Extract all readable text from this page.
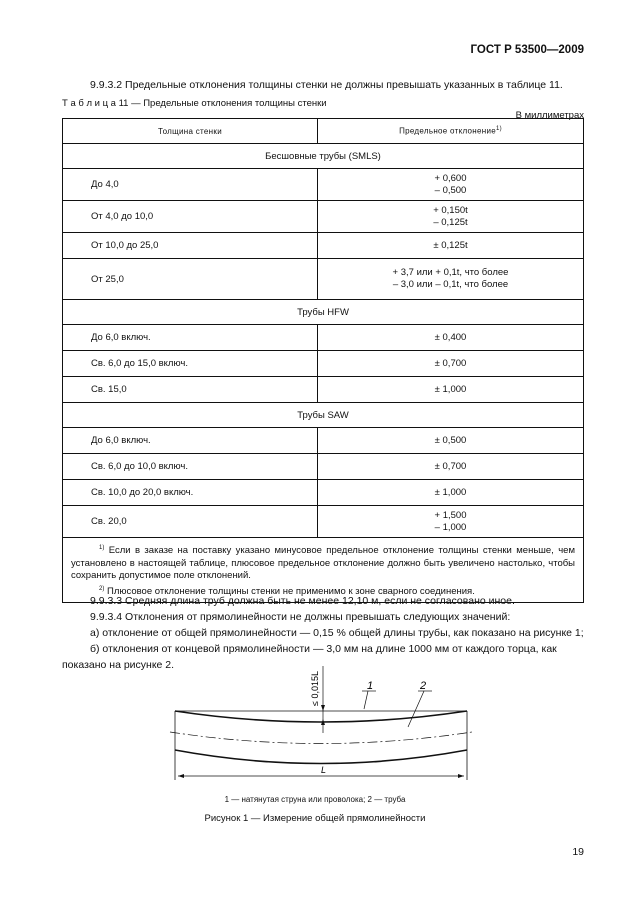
ГОСТ Р 53500—2009
9.9.3.2 Предельные отклонения толщины стенки не должны превышать указанных в таблице 11.
Т а б л и ц а 11 — Предельные отклонения толщины стенки
В миллиметрах
Толщина стенки	Предельное отклонение$^{1)}$
Бесшовные трубы (SMLS)	
До 4,0	+ 0,600
– 0,500

От 4,0 до 10,0	+ 0,150t
– 0,125t

От 10,0 до 25,0	± 0,125t

От 25,0	+ 3,7 или + 0,1t, что более
– 3,0 или – 0,1t, что более

Трубы HFW	
До 6,0 включ.	± 0,400

Св. 6,0 до 15,0 включ.	± 0,700

Св. 15,0	± 1,000

Трубы SAW	
До 6,0 включ.	± 0,500

Св. 6,0 до 10,0 включ.	± 0,700

Св. 10,0 до 20,0 включ.	± 1,000

Св. 20,0	+ 1,500
– 1,000

$^{1)}$ Если в заказе на поставку указано минусовое предельное отклонение толщины стенки меньше, чем установлено в настоящей таблице, плюсовое предельное отклонение должно быть увеличено настолько, чтобы сохранить допустимое поле отклонений.
$^{2)}$ Плюсовое отклонение толщины стенки не применимо к зоне сварного соединения.	
9.9.3.3 Средняя длина труб должна быть не менее 12,10 м, если не согласовано иное.
9.9.3.4 Отклонения от прямолинейности не должны превышать следующих значений:
а) отклонение от общей прямолинейности — 0,15 % общей длины трубы, как показано на рисунке 1;
б) отклонения от концевой прямолинейности — 3,0 мм на длине 1000 мм от каждого торца, как показано на рисунке 2.
≤ 0,015L	1	2
L
1 — натянутая струна или проволока; 2 — труба
Рисунок 1 — Измерение общей прямолинейности
19
